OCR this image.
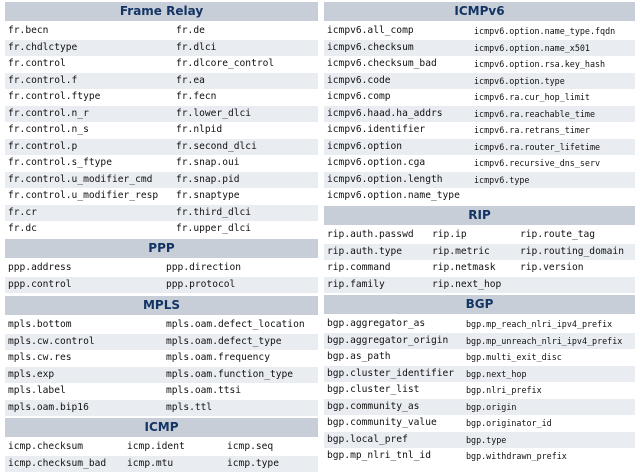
Frame Relay
fr.becn	fr.de
fr.chdlctype	fr.dlci
fr.control	fr.dlcore_control
fr.control.f	fr.ea
fr.control.ftype	fr.fecn
fr.control.n_r	fr.lower_dlci
fr.control.n_s	fr.nlpid
fr.control.p	fr.second_dlci
fr.control.s_ftype	fr.snap.oui
fr.control.u_modifier_cmd	fr.snap.pid
fr.control.u_modifier_resp	fr.snaptype
fr.cr	fr.third_dlci
fr.dc	fr.upper_dlci
PPP
ppp.address	ppp.direction
ppp.control	ppp.protocol
MPLS
mpls.bottom	mpls.oam.defect_location
mpls.cw.control	mpls.oam.defect_type
mpls.cw.res	mpls.oam.frequency
mpls.exp	mpls.oam.function_type
mpls.label	mpls.oam.ttsi
mpls.oam.bip16	mpls.ttl
ICMP
icmp.checksum	icmp.ident	icmp.seq
icmp.checksum_bad	icmp.mtu	icmp.type
ICMPv6
icmpv6.all_comp	icmpv6.option.name_type.fqdn
icmpv6.checksum	icmpv6.option.name_x501
icmpv6.checksum_bad	icmpv6.option.rsa.key_hash
icmpv6.code	icmpv6.option.type
icmpv6.comp	icmpv6.ra.cur_hop_limit
icmpv6.haad.ha_addrs	icmpv6.ra.reachable_time
icmpv6.identifier	icmpv6.ra.retrans_timer
icmpv6.option	icmpv6.ra.router_lifetime
icmpv6.option.cga	icmpv6.recursive_dns_serv
icmpv6.option.length	icmpv6.type
icmpv6.option.name_type
RIP
rip.auth.passwd	rip.ip	rip.route_tag
rip.auth.type	rip.metric	rip.routing_domain
rip.command	rip.netmask	rip.version
rip.family	rip.next_hop
BGP
bgp.aggregator_as	bgp.mp_reach_nlri_ipv4_prefix
bgp.aggregator_origin	bgp.mp_unreach_nlri_ipv4_prefix
bgp.as_path	bgp.multi_exit_disc
bgp.cluster_identifier	bgp.next_hop
bgp.cluster_list	bgp.nlri_prefix
bgp.community_as	bgp.origin
bgp.community_value	bgp.originator_id
bgp.local_pref	bgp.type
bgp.mp_nlri_tnl_id	bgp.withdrawn_prefix
